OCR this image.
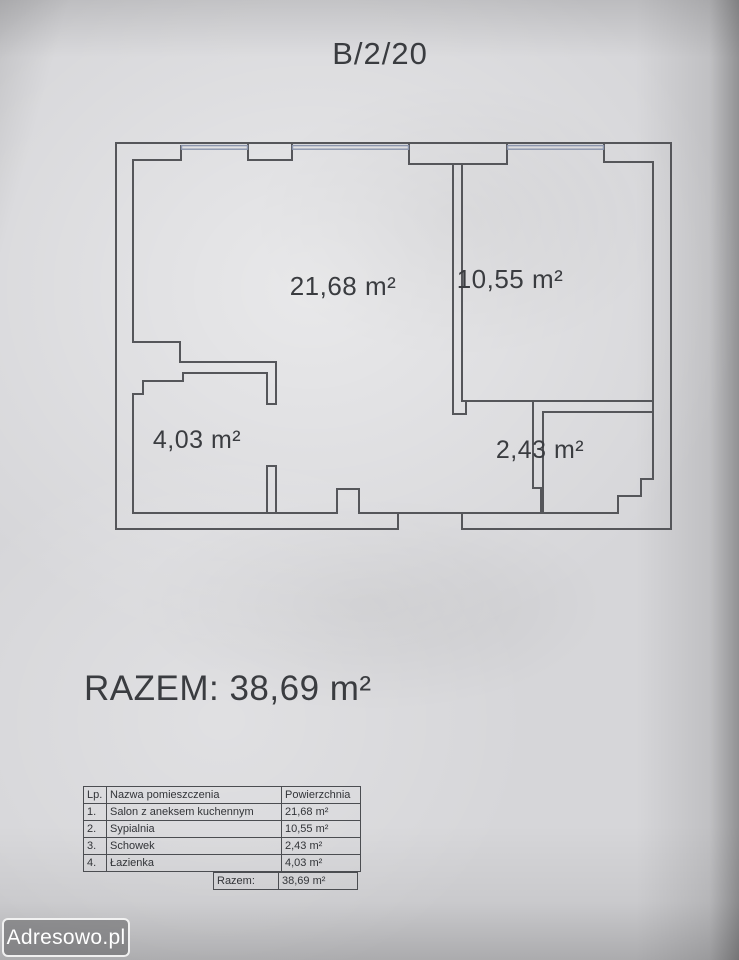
B/2/20
21,68 m²	10,55 m²
4,03 m²	2,43 m²
RAZEM: 38,69 m²
Lp.	Nazwa pomieszczenia	Powierzchnia
1.	Salon z aneksem kuchennym	21,68 m²
2.	Sypialnia	10,55 m²
3.	Schowek	2,43 m²
4.	Łazienka	4,03 m²
Razem:	38,69 m²
Adresowo.pl
